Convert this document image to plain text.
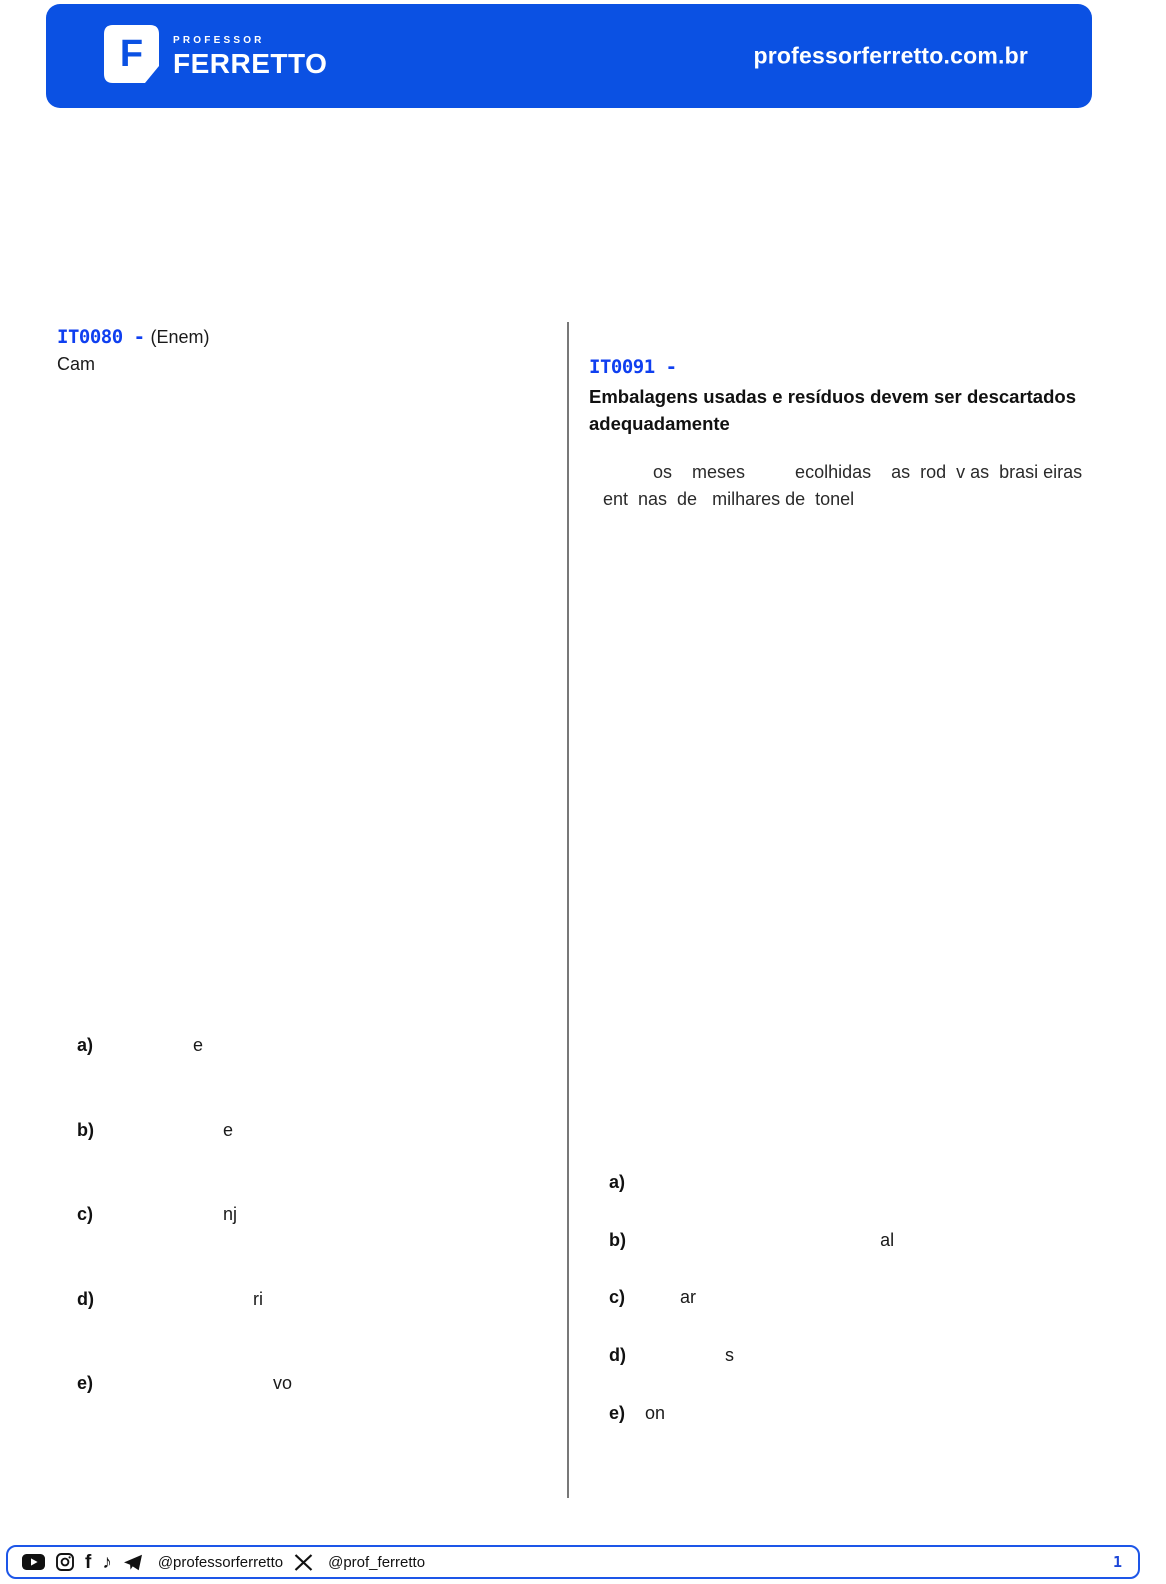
F	PROFESSOR
FERRETTO	professorferretto.com.br
IT0080 - (Enem)
Cam

a)                  e

b)                        e

c)                        nj

d)                              ri

e)                                  vo

IT0091 -
Embalagens usadas e resíduos devem ser descartados
adequadamente
os    meses          ecolhidas    as  rod  v as  brasi eiras
ent  nas  de   milhares de  tonel

a)

b)                                                 al

c)         ar

d)                  s

e)  on

f ♪	@professorferretto	@prof_ferretto	1
